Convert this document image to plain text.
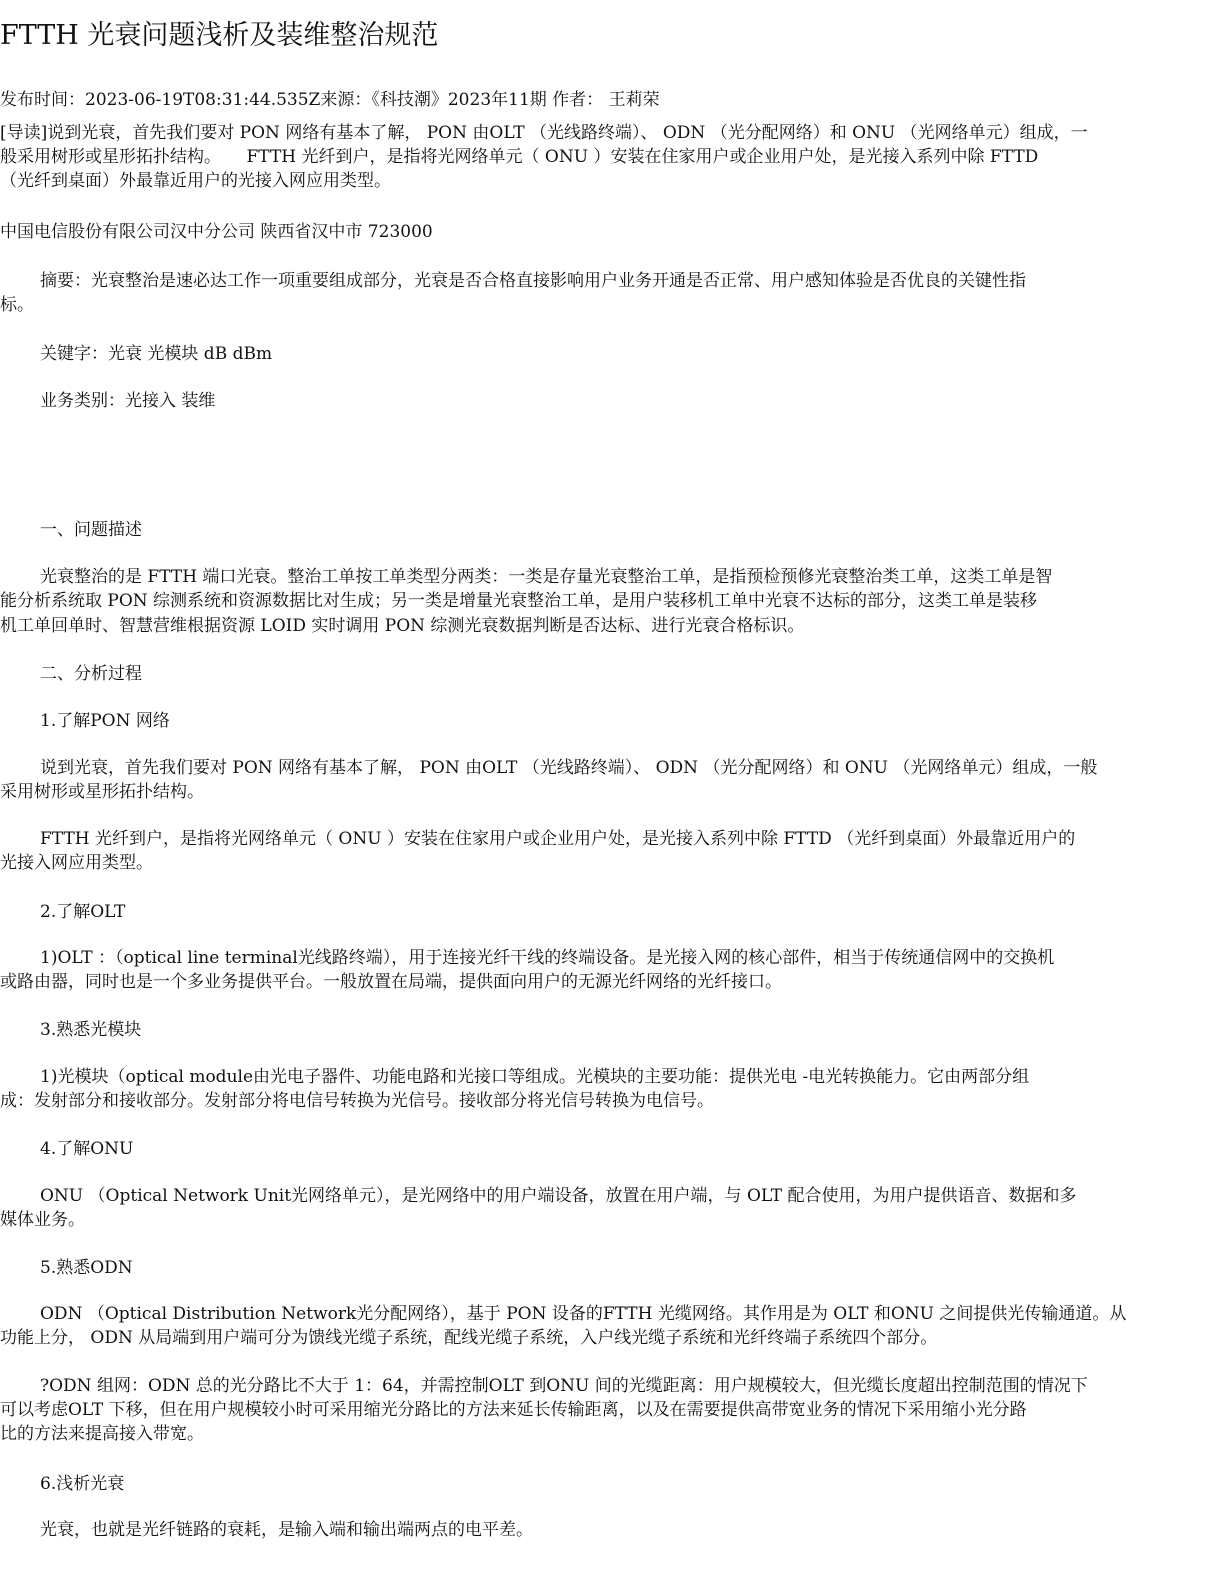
FTTH 光衰问题浅析及装维整治规范
发布时间：2023-06-19T08:31:44.535Z来源：《科技潮》2023年11期 作者： 王莉荣
[导读]说到光衰，首先我们要对 PON 网络有基本了解， PON 由OLT （光线路终端）、 ODN （光分配网络）和 ONU （光网络单元）组成，一
般采用树形或星形拓扑结构。　　FTTH 光纤到户，是指将光网络单元（ ONU ）安装在住家用户或企业用户处，是光接入系列中除 FTTD
（光纤到桌面）外最靠近用户的光接入网应用类型。
中国电信股份有限公司汉中分公司 陕西省汉中市 723000
摘要：光衰整治是速必达工作一项重要组成部分，光衰是否合格直接影响用户业务开通是否正常、用户感知体验是否优良的关键性指
标。
关键字：光衰 光模块 dB dBm
业务类别：光接入 装维
一、问题描述
光衰整治的是 FTTH 端口光衰。整治工单按工单类型分两类：一类是存量光衰整治工单，是指预检预修光衰整治类工单，这类工单是智
能分析系统取 PON 综测系统和资源数据比对生成；另一类是增量光衰整治工单，是用户装移机工单中光衰不达标的部分，这类工单是装移
机工单回单时、智慧营维根据资源 LOID 实时调用 PON 综测光衰数据判断是否达标、进行光衰合格标识。
二、分析过程
1.了解PON 网络
说到光衰，首先我们要对 PON 网络有基本了解， PON 由OLT （光线路终端）、 ODN （光分配网络）和 ONU （光网络单元）组成，一般
采用树形或星形拓扑结构。
FTTH 光纤到户，是指将光网络单元（ ONU ）安装在住家用户或企业用户处，是光接入系列中除 FTTD （光纤到桌面）外最靠近用户的
光接入网应用类型。
2.了解OLT
1)OLT ：（optical line terminal光线路终端），用于连接光纤干线的终端设备。是光接入网的核心部件，相当于传统通信网中的交换机
或路由器，同时也是一个多业务提供平台。一般放置在局端，提供面向用户的无源光纤网络的光纤接口。
3.熟悉光模块
1)光模块（optical module由光电子器件、功能电路和光接口等组成。光模块的主要功能：提供光电 -电光转换能力。它由两部分组
成：发射部分和接收部分。发射部分将电信号转换为光信号。接收部分将光信号转换为电信号。
4.了解ONU
ONU （Optical Network Unit光网络单元），是光网络中的用户端设备，放置在用户端，与 OLT 配合使用，为用户提供语音、数据和多
媒体业务。
5.熟悉ODN
ODN （Optical Distribution Network光分配网络），基于 PON 设备的FTTH 光缆网络。其作用是为 OLT 和ONU 之间提供光传输通道。从
功能上分， ODN 从局端到用户端可分为馈线光缆子系统，配线光缆子系统，入户线光缆子系统和光纤终端子系统四个部分。
?ODN 组网：ODN 总的光分路比不大于 1：64，并需控制OLT 到ONU 间的光缆距离：用户规模较大，但光缆长度超出控制范围的情况下
可以考虑OLT 下移，但在用户规模较小时可采用缩光分路比的方法来延长传输距离，以及在需要提供高带宽业务的情况下采用缩小光分路
比的方法来提高接入带宽。
6.浅析光衰
光衰，也就是光纤链路的衰耗，是输入端和输出端两点的电平差。
